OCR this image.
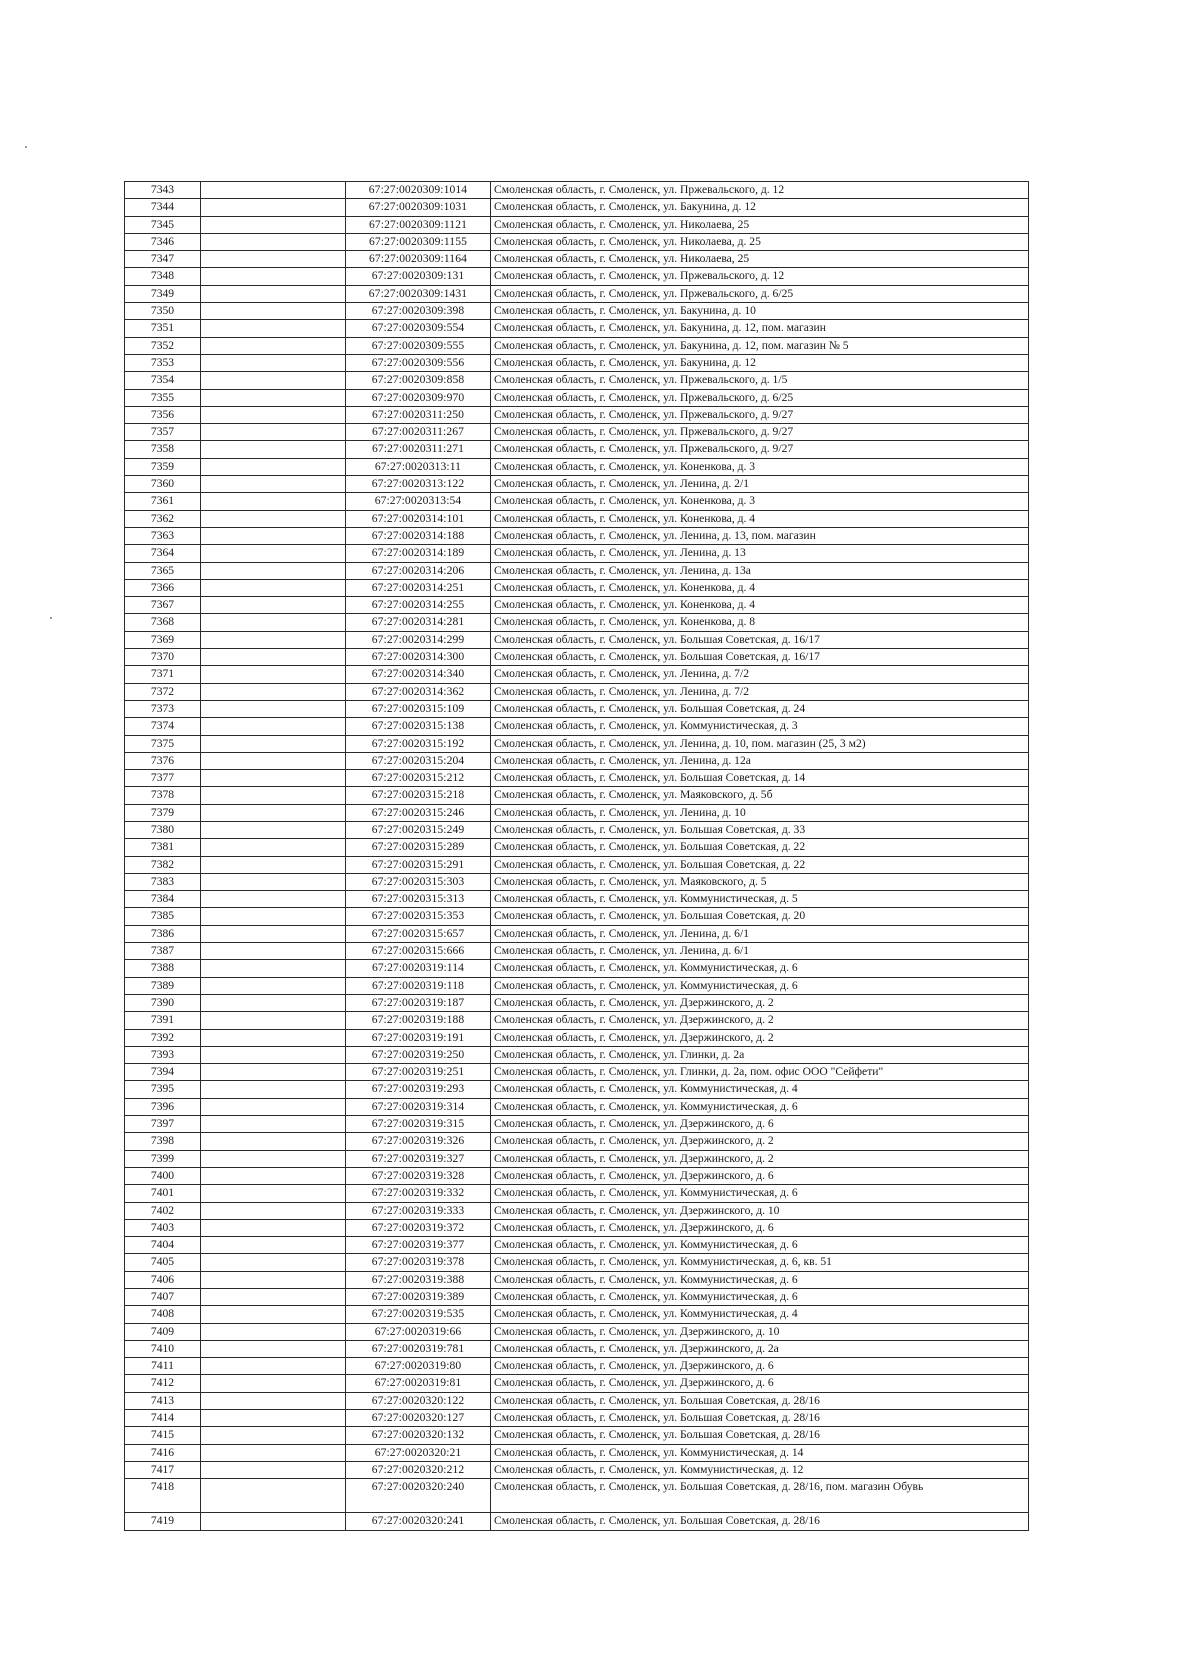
7343		67:27:0020309:1014	Смоленская область, г. Смоленск, ул. Пржевальского, д. 12
7344		67:27:0020309:1031	Смоленская область, г. Смоленск, ул. Бакунина, д. 12
7345		67:27:0020309:1121	Смоленская область, г. Смоленск, ул. Николаева, 25
7346		67:27:0020309:1155	Смоленская область, г. Смоленск, ул. Николаева, д. 25
7347		67:27:0020309:1164	Смоленская область, г. Смоленск, ул. Николаева, 25
7348		67:27:0020309:131	Смоленская область, г. Смоленск, ул. Пржевальского, д. 12
7349		67:27:0020309:1431	Смоленская область, г. Смоленск, ул. Пржевальского, д. 6/25
7350		67:27:0020309:398	Смоленская область, г. Смоленск, ул. Бакунина, д. 10
7351		67:27:0020309:554	Смоленская область, г. Смоленск, ул. Бакунина, д. 12, пом. магазин
7352		67:27:0020309:555	Смоленская область, г. Смоленск, ул. Бакунина, д. 12, пом. магазин № 5
7353		67:27:0020309:556	Смоленская область, г. Смоленск, ул. Бакунина, д. 12
7354		67:27:0020309:858	Смоленская область, г. Смоленск, ул. Пржевальского, д. 1/5
7355		67:27:0020309:970	Смоленская область, г. Смоленск, ул. Пржевальского, д. 6/25
7356		67:27:0020311:250	Смоленская область, г. Смоленск, ул. Пржевальского, д. 9/27
7357		67:27:0020311:267	Смоленская область, г. Смоленск, ул. Пржевальского, д. 9/27
7358		67:27:0020311:271	Смоленская область, г. Смоленск, ул. Пржевальского, д. 9/27
7359		67:27:0020313:11	Смоленская область, г. Смоленск, ул. Коненкова, д. 3
7360		67:27:0020313:122	Смоленская область, г. Смоленск, ул. Ленина, д. 2/1
7361		67:27:0020313:54	Смоленская область, г. Смоленск, ул. Коненкова, д. 3
7362		67:27:0020314:101	Смоленская область, г. Смоленск, ул. Коненкова, д. 4
7363		67:27:0020314:188	Смоленская область, г. Смоленск, ул. Ленина, д. 13, пом. магазин
7364		67:27:0020314:189	Смоленская область, г. Смоленск, ул. Ленина, д. 13
7365		67:27:0020314:206	Смоленская область, г. Смоленск, ул. Ленина, д. 13а
7366		67:27:0020314:251	Смоленская область, г. Смоленск, ул. Коненкова, д. 4
7367		67:27:0020314:255	Смоленская область, г. Смоленск, ул. Коненкова, д. 4
7368		67:27:0020314:281	Смоленская область, г. Смоленск, ул. Коненкова, д. 8
7369		67:27:0020314:299	Смоленская область, г. Смоленск, ул. Большая Советская, д. 16/17
7370		67:27:0020314:300	Смоленская область, г. Смоленск, ул. Большая Советская, д. 16/17
7371		67:27:0020314:340	Смоленская область, г. Смоленск, ул. Ленина, д. 7/2
7372		67:27:0020314:362	Смоленская область, г. Смоленск, ул. Ленина, д. 7/2
7373		67:27:0020315:109	Смоленская область, г. Смоленск, ул. Большая Советская, д. 24
7374		67:27:0020315:138	Смоленская область, г. Смоленск, ул. Коммунистическая, д. 3
7375		67:27:0020315:192	Смоленская область, г. Смоленск, ул. Ленина, д. 10, пом. магазин (25, 3 м2)
7376		67:27:0020315:204	Смоленская область, г. Смоленск, ул. Ленина, д. 12а
7377		67:27:0020315:212	Смоленская область, г. Смоленск, ул. Большая Советская, д. 14
7378		67:27:0020315:218	Смоленская область, г. Смоленск, ул. Маяковского, д. 5б
7379		67:27:0020315:246	Смоленская область, г. Смоленск, ул. Ленина, д. 10
7380		67:27:0020315:249	Смоленская область, г. Смоленск, ул. Большая Советская, д. 33
7381		67:27:0020315:289	Смоленская область, г. Смоленск, ул. Большая Советская, д. 22
7382		67:27:0020315:291	Смоленская область, г. Смоленск, ул. Большая Советская, д. 22
7383		67:27:0020315:303	Смоленская область, г. Смоленск, ул. Маяковского, д. 5
7384		67:27:0020315:313	Смоленская область, г. Смоленск, ул. Коммунистическая, д. 5
7385		67:27:0020315:353	Смоленская область, г. Смоленск, ул. Большая Советская, д. 20
7386		67:27:0020315:657	Смоленская область, г. Смоленск, ул. Ленина, д. 6/1
7387		67:27:0020315:666	Смоленская область, г. Смоленск, ул. Ленина, д. 6/1
7388		67:27:0020319:114	Смоленская область, г. Смоленск, ул. Коммунистическая, д. 6
7389		67:27:0020319:118	Смоленская область, г. Смоленск, ул. Коммунистическая, д. 6
7390		67:27:0020319:187	Смоленская область, г. Смоленск, ул. Дзержинского, д. 2
7391		67:27:0020319:188	Смоленская область, г. Смоленск, ул. Дзержинского, д. 2
7392		67:27:0020319:191	Смоленская область, г. Смоленск, ул. Дзержинского, д. 2
7393		67:27:0020319:250	Смоленская область, г. Смоленск, ул. Глинки, д. 2а
7394		67:27:0020319:251	Смоленская область, г. Смоленск, ул. Глинки, д. 2а, пом. офис ООО "Сейфети"
7395		67:27:0020319:293	Смоленская область, г. Смоленск, ул. Коммунистическая, д. 4
7396		67:27:0020319:314	Смоленская область, г. Смоленск, ул. Коммунистическая, д. 6
7397		67:27:0020319:315	Смоленская область, г. Смоленск, ул. Дзержинского, д. 6
7398		67:27:0020319:326	Смоленская область, г. Смоленск, ул. Дзержинского, д. 2
7399		67:27:0020319:327	Смоленская область, г. Смоленск, ул. Дзержинского, д. 2
7400		67:27:0020319:328	Смоленская область, г. Смоленск, ул. Дзержинского, д. 6
7401		67:27:0020319:332	Смоленская область, г. Смоленск, ул. Коммунистическая, д. 6
7402		67:27:0020319:333	Смоленская область, г. Смоленск, ул. Дзержинского, д. 10
7403		67:27:0020319:372	Смоленская область, г. Смоленск, ул. Дзержинского, д. 6
7404		67:27:0020319:377	Смоленская область, г. Смоленск, ул. Коммунистическая, д. 6
7405		67:27:0020319:378	Смоленская область, г. Смоленск, ул. Коммунистическая, д. 6, кв. 51
7406		67:27:0020319:388	Смоленская область, г. Смоленск, ул. Коммунистическая, д. 6
7407		67:27:0020319:389	Смоленская область, г. Смоленск, ул. Коммунистическая, д. 6
7408		67:27:0020319:535	Смоленская область, г. Смоленск, ул. Коммунистическая, д. 4
7409		67:27:0020319:66	Смоленская область, г. Смоленск, ул. Дзержинского, д. 10
7410		67:27:0020319:781	Смоленская область, г. Смоленск, ул. Дзержинского, д. 2а
7411		67:27:0020319:80	Смоленская область, г. Смоленск, ул. Дзержинского, д. 6
7412		67:27:0020319:81	Смоленская область, г. Смоленск, ул. Дзержинского, д. 6
7413		67:27:0020320:122	Смоленская область, г. Смоленск, ул. Большая Советская, д. 28/16
7414		67:27:0020320:127	Смоленская область, г. Смоленск, ул. Большая Советская, д. 28/16
7415		67:27:0020320:132	Смоленская область, г. Смоленск, ул. Большая Советская, д. 28/16
7416		67:27:0020320:21	Смоленская область, г. Смоленск, ул. Коммунистическая, д. 14
7417		67:27:0020320:212	Смоленская область, г. Смоленск, ул. Коммунистическая, д. 12
7418		67:27:0020320:240	Смоленская область, г. Смоленск, ул. Большая Советская, д. 28/16, пом. магазин Обувь
7419		67:27:0020320:241	Смоленская область, г. Смоленск, ул. Большая Советская, д. 28/16
